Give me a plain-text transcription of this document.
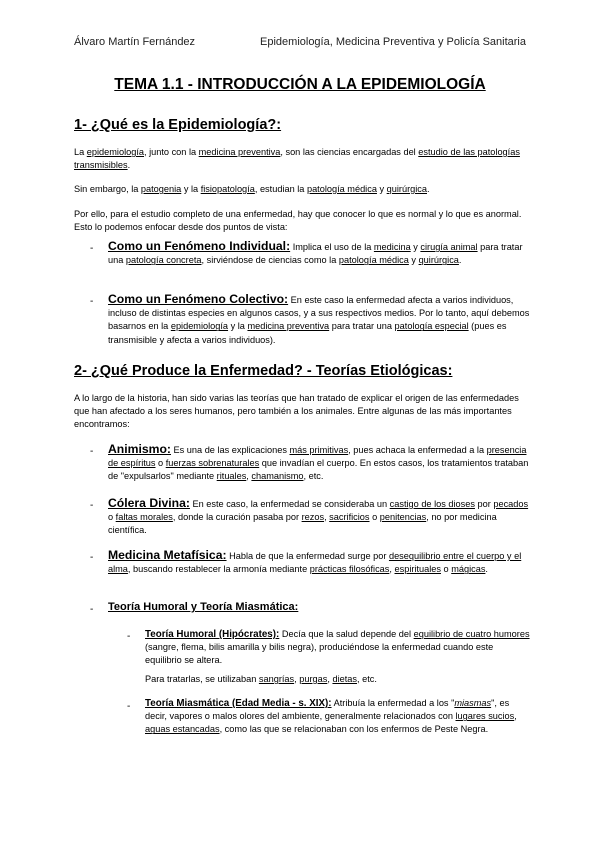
Álvaro Martín Fernández	Epidemiología, Medicina Preventiva y Policía Sanitaria
TEMA 1.1 - INTRODUCCIÓN A LA EPIDEMIOLOGÍA
1- ¿Qué es la Epidemiología?:
La epidemiología, junto con la medicina preventiva, son las ciencias encargadas del estudio de las patologías transmisibles.
Sin embargo, la patogenia y la fisiopatología, estudian la patología médica y quirúrgica.
Por ello, para el estudio completo de una enfermedad, hay que conocer lo que es normal y lo que es anormal. Esto lo podemos enfocar desde dos puntos de vista:
- Como un Fenómeno Individual: Implica el uso de la medicina y cirugía animal para tratar una patología concreta, sirviéndose de ciencias como la patología médica y quirúrgica.
- Como un Fenómeno Colectivo: En este caso la enfermedad afecta a varios individuos, incluso de distintas especies en algunos casos, y a sus respectivos medios. Por lo tanto, aquí debemos basarnos en la epidemiología y la medicina preventiva para tratar una patología especial (pues es transmisible y afecta a varios individuos).
2- ¿Qué Produce la Enfermedad? - Teorías Etiológicas:
A lo largo de la historia, han sido varias las teorías que han tratado de explicar el origen de las enfermedades que han afectado a los seres humanos, pero también a los animales. Entre algunas de las más importantes encontramos:
- Animismo: Es una de las explicaciones más primitivas, pues achaca la enfermedad a la presencia de espíritus o fuerzas sobrenaturales que invadían el cuerpo. En estos casos, los tratamientos trataban de "expulsarlos" mediante rituales, chamanismo, etc.
- Cólera Divina: En este caso, la enfermedad se consideraba un castigo de los dioses por pecados o faltas morales, donde la curación pasaba por rezos, sacrificios o penitencias, no por medicina científica.
- Medicina Metafísica: Habla de que la enfermedad surge por desequilibrio entre el cuerpo y el alma, buscando restablecer la armonía mediante prácticas filosóficas, espirituales o mágicas.
- Teoría Humoral y Teoría Miasmática:
- Teoría Humoral (Hipócrates): Decía que la salud depende del equilibrio de cuatro humores (sangre, flema, bilis amarilla y bilis negra), produciéndose la enfermedad cuando este equilibrio se altera.
Para tratarlas, se utilizaban sangrías, purgas, dietas, etc.
- Teoría Miasmática (Edad Media - s. XIX): Atribuía la enfermedad a los "miasmas", es decir, vapores o malos olores del ambiente, generalmente relacionados con lugares sucios, aguas estancadas, como las que se relacionaban con los enfermos de Peste Negra.
